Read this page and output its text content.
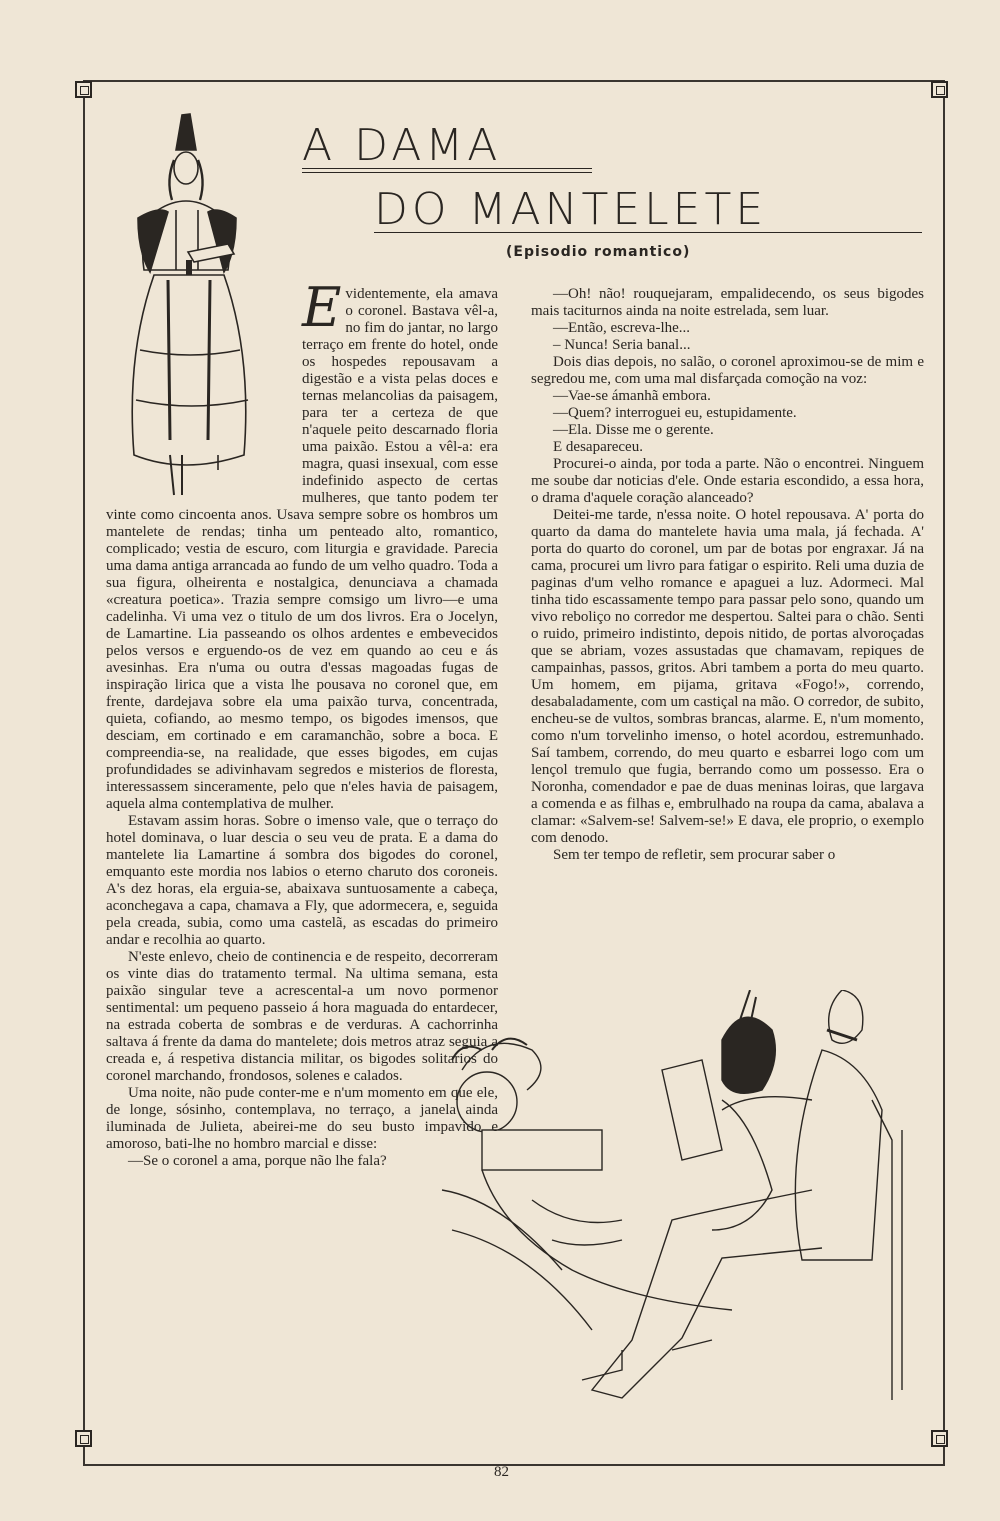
A DAMA
DO MANTELETE
(Episodio romantico)

Evidentemente, ela amava o coronel. Bastava vêl-a, no fim do jantar, no largo terraço em frente do hotel, onde os hospedes repousavam a digestão e a vista pelas doces e ternas melancolias da paisagem, para ter a certeza de que n'aquele peito descarnado floria uma paixão. Estou a vêl-a: era magra, quasi insexual, com esse indefinido aspecto de certas mulheres, que tanto podem ter vinte como cincoenta anos. Usava sempre sobre os hombros um mantelete de rendas; tinha um penteado alto, romantico, complicado; vestia de escuro, com liturgia e gravidade. Parecia uma dama antiga arrancada ao fundo de um velho quadro. Toda a sua figura, olheirenta e nostalgica, denunciava a chamada «creatura poetica». Trazia sempre comsigo um livro—e uma cadelinha. Vi uma vez o titulo de um dos livros. Era o Jocelyn, de Lamartine. Lia passeando os olhos ardentes e embevecidos pelos versos e erguendo-os de vez em quando ao ceu e ás avesinhas. Era n'uma ou outra d'essas magoadas fugas de inspiração lirica que a vista lhe pousava no coronel que, em frente, dardejava sobre ela uma paixão turva, concentrada, quieta, cofiando, ao mesmo tempo, os bigodes imensos, que desciam, em cortinado e em caramanchão, sobre a boca. E compreendia-se, na realidade, que esses bigodes, em cujas profundidades se adivinhavam segredos e misterios de floresta, interessassem sinceramente, pelo que n'eles havia de paisagem, aquela alma contemplativa de mulher.

Estavam assim horas. Sobre o imenso vale, que o terraço do hotel dominava, o luar descia o seu veu de prata. E a dama do mantelete lia Lamartine á sombra dos bigodes do coronel, emquanto este mordia nos labios o eterno charuto dos coroneis. A's dez horas, ela erguia-se, abaixava suntuosamente a cabeça, aconchegava a capa, chamava a Fly, que adormecera, e, seguida pela creada, subia, como uma castelã, as escadas do primeiro andar e recolhia ao quarto.

N'este enlevo, cheio de continencia e de respeito, decorreram os vinte dias do tratamento termal. Na ultima semana, esta paixão singular teve a acrescental-a um novo pormenor sentimental: um pequeno passeio á hora maguada do entardecer, na estrada coberta de sombras e de verduras. A cachorrinha saltava á frente da dama do mantelete; dois metros atraz seguia a creada e, á respetiva distancia militar, os bigodes solitarios do coronel marchando, frondosos, solenes e calados.

Uma noite, não pude conter-me e n'um momento em que ele, de longe, sósinho, contemplava, no terraço, a janela ainda iluminada de Julieta, abeirei-me do seu busto impavido e amoroso, bati-lhe no hombro marcial e disse:

—Se o coronel a ama, porque não lhe fala?

—Oh! não! rouquejaram, empalidecendo, os seus bigodes mais taciturnos ainda na noite estrelada, sem luar.

—Então, escreva-lhe...

– Nunca! Seria banal...

Dois dias depois, no salão, o coronel aproximou-se de mim e segredou me, com uma mal disfarçada comoção na voz:

—Vae-se ámanhã embora.

—Quem? interroguei eu, estupidamente.

—Ela. Disse me o gerente.

E desapareceu.

Procurei-o ainda, por toda a parte. Não o encontrei. Ninguem me soube dar noticias d'ele. Onde estaria escondido, a essa hora, o drama d'aquele coração alanceado?

Deitei-me tarde, n'essa noite. O hotel repousava. A' porta do quarto da dama do mantelete havia uma mala, já fechada. A' porta do quarto do coronel, um par de botas por engraxar. Já na cama, procurei um livro para fatigar o espirito. Reli uma duzia de paginas d'um velho romance e apaguei a luz. Adormeci. Mal tinha tido escassamente tempo para passar pelo sono, quando um vivo reboliço no corredor me despertou. Saltei para o chão. Senti o ruido, primeiro indistinto, depois nitido, de portas alvoroçadas que se abriam, vozes assustadas que chamavam, repiques de campainhas, passos, gritos. Abri tambem a porta do meu quarto. Um homem, em pijama, gritava «Fogo!», correndo, desabaladamente, com um castiçal na mão. O corredor, de subito, encheu-se de vultos, sombras brancas, alarme. E, n'um momento, como n'um torvelinho imenso, o hotel acordou, estremunhado. Saí tambem, correndo, do meu quarto e esbarrei logo com um lençol tremulo que fugia, berrando como um possesso. Era o Noronha, comendador e pae de duas meninas loiras, que largava a comenda e as filhas e, embrulhado na roupa da cama, abalava a clamar: «Salvem-se! Salvem-se!» E dava, ele proprio, o exemplo com denodo.

Sem ter tempo de refletir, sem procurar saber o

82
